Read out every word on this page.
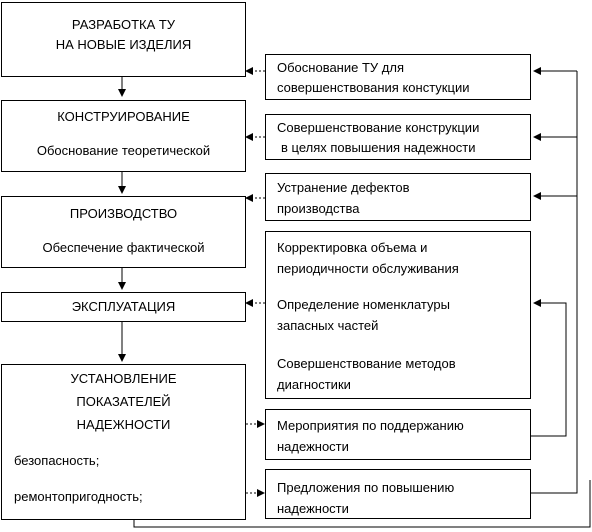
РАЗРАБОТКА ТУ
НА НОВЫЕ ИЗДЕЛИЯ
КОНСТРУИРОВАНИЕ
Обоснование теоретической
ПРОИЗВОДСТВО
Обеспечение фактической
ЭКСПЛУАТАЦИЯ
УСТАНОВЛЕНИЕ
ПОКАЗАТЕЛЕЙ
НАДЕЖНОСТИ
безопасность;
ремонтопригодность;
Обоснование ТУ для
совершенствования констукции
Совершенствование конструкции
в целях повышения надежности
Устранение дефектов
производства
Корректировка объема и
периодичности обслуживания
Определение номенклатуры
запасных частей
Совершенствование методов
диагностики
Мероприятия по поддержанию
надежности
Предложения по повышению
надежности
